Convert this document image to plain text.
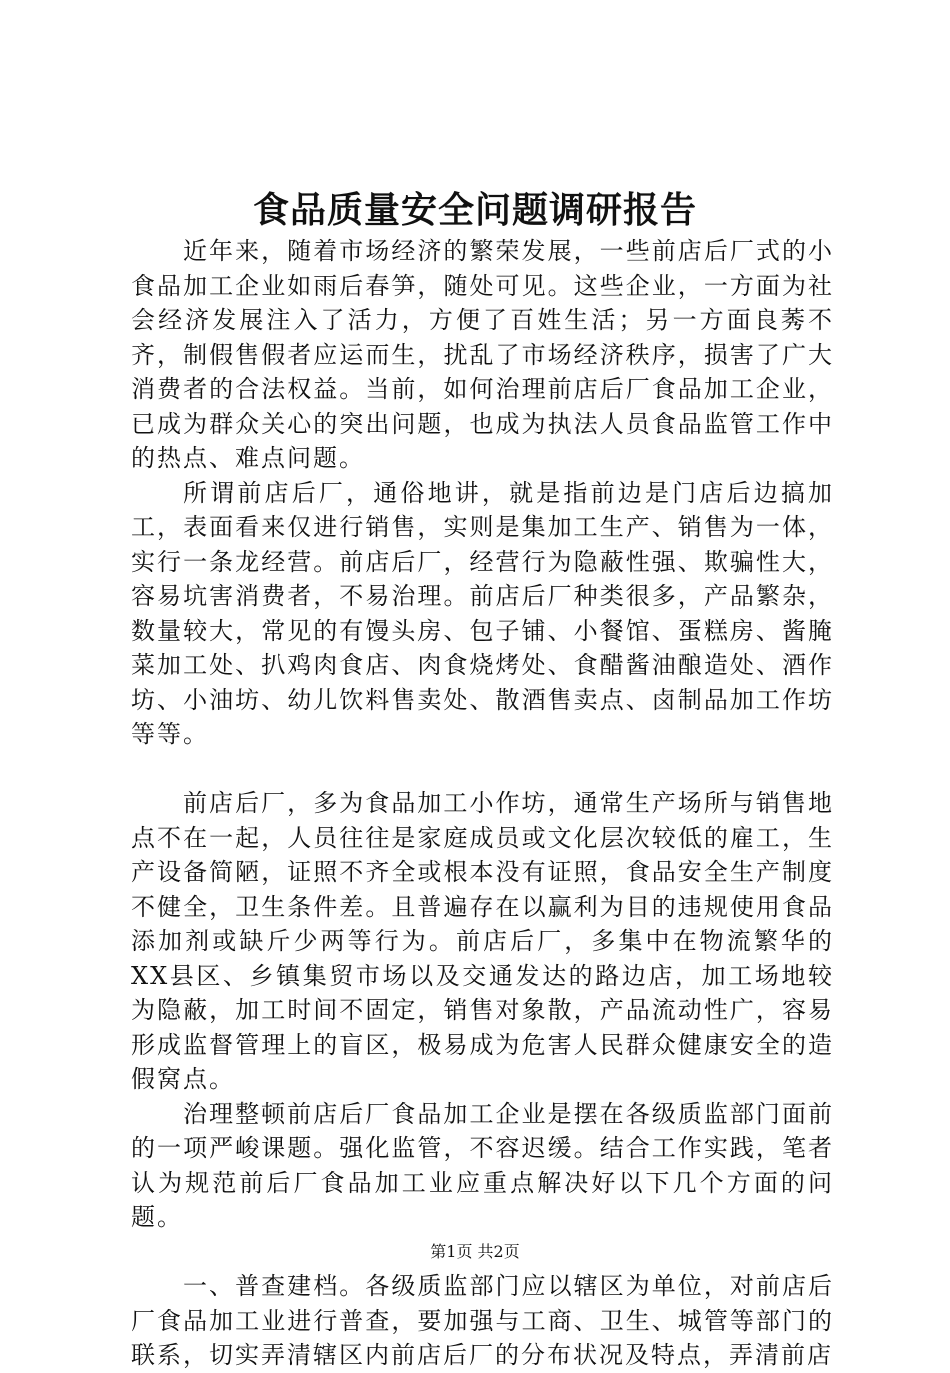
食品质量安全问题调研报告

近年来，随着市场经济的繁荣发展，一些前店后厂式的小食品加工企业如雨后春笋，随处可见。这些企业，一方面为社会经济发展注入了活力，方便了百姓生活；另一方面良莠不齐，制假售假者应运而生，扰乱了市场经济秩序，损害了广大消费者的合法权益。当前，如何治理前店后厂食品加工企业，已成为群众关心的突出问题，也成为执法人员食品监管工作中的热点、难点问题。

所谓前店后厂，通俗地讲，就是指前边是门店后边搞加工，表面看来仅进行销售，实则是集加工生产、销售为一体，实行一条龙经营。前店后厂，经营行为隐蔽性强、欺骗性大，容易坑害消费者，不易治理。前店后厂种类很多，产品繁杂，数量较大，常见的有馒头房、包子铺、小餐馆、蛋糕房、酱腌菜加工处、扒鸡肉食店、肉食烧烤处、食醋酱油酿造处、酒作坊、小油坊、幼儿饮料售卖处、散酒售卖点、卤制品加工作坊等等。

前店后厂，多为食品加工小作坊，通常生产场所与销售地点不在一起，人员往往是家庭成员或文化层次较低的雇工，生产设备简陋，证照不齐全或根本没有证照，食品安全生产制度不健全，卫生条件差。且普遍存在以赢利为目的违规使用食品添加剂或缺斤少两等行为。前店后厂，多集中在物流繁华的XX县区、乡镇集贸市场以及交通发达的路边店，加工场地较为隐蔽，加工时间不固定，销售对象散，产品流动性广，容易形成监督管理上的盲区，极易成为危害人民群众健康安全的造假窝点。

治理整顿前店后厂食品加工企业是摆在各级质监部门面前的一项严峻课题。强化监管，不容迟缓。结合工作实践，笔者认为规范前后厂食品加工业应重点解决好以下几个方面的问题。

一、普查建档。各级质监部门应以辖区为单位，对前店后厂食品加工业进行普查，要加强与工商、卫生、城管等部门的联系，切实弄清辖区内前店后厂的分布状况及特点，弄清前店

第1页 共2页
